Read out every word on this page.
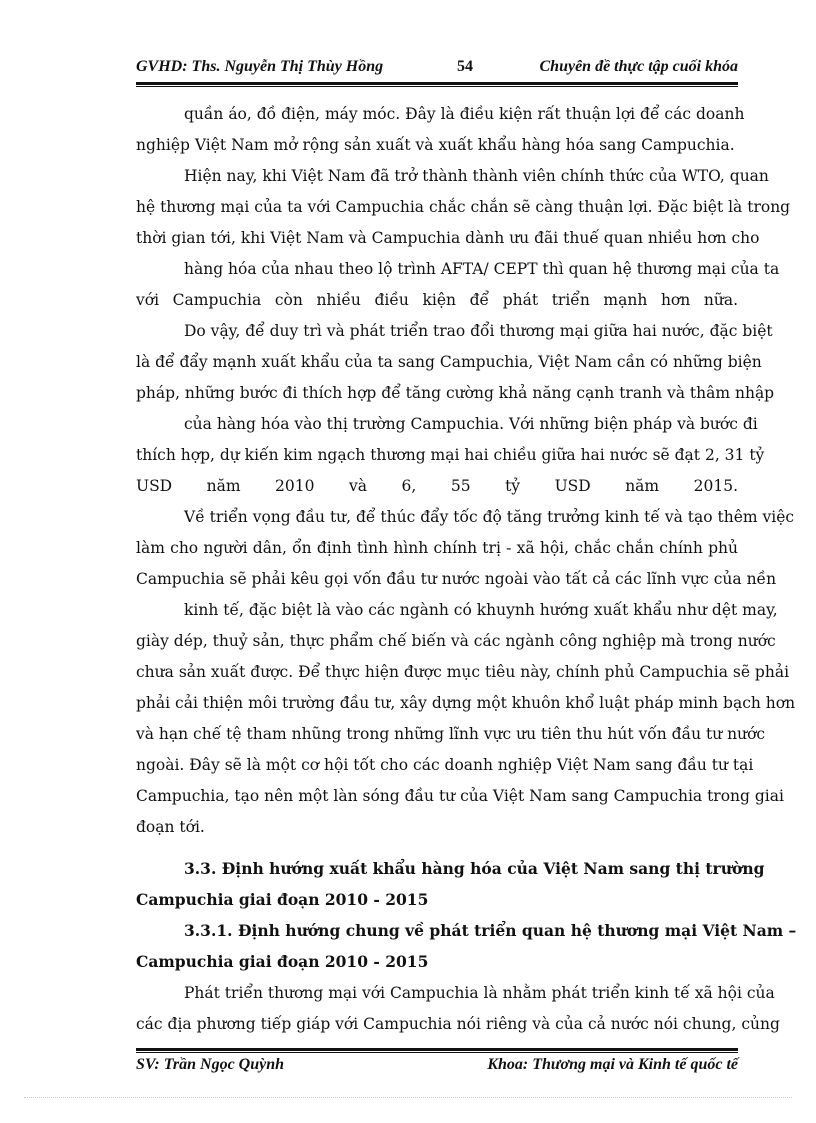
GVHD: Ths. Nguyễn Thị Thùy Hồng	54	Chuyên đề thực tập cuối khóa
quần áo, đồ điện, máy móc. Đây là điều kiện rất thuận lợi để các doanh
nghiệp Việt Nam mở rộng sản xuất và xuất khẩu hàng hóa sang Campuchia.
Hiện nay, khi Việt Nam đã trở thành thành viên chính thức của WTO, quan
hệ thương mại của ta với Campuchia chắc chắn sẽ càng thuận lợi. Đặc biệt là trong
thời gian tới, khi Việt Nam và Campuchia dành ưu đãi thuế quan nhiều hơn cho
hàng hóa của nhau theo lộ trình AFTA/ CEPT thì quan hệ thương mại của ta
với Campuchia còn nhiều điều kiện để phát triển mạnh hơn nữa.
Do vậy, để duy trì và phát triển trao đổi thương mại giữa hai nước, đặc biệt
là để đẩy mạnh xuất khẩu của ta sang Campuchia, Việt Nam cần có những biện
pháp, những bước đi thích hợp để tăng cường khả năng cạnh tranh và thâm nhập
của hàng hóa vào thị trường Campuchia. Với những biện pháp và bước đi
thích hợp, dự kiến kim ngạch thương mại hai chiều giữa hai nước sẽ đạt 2, 31 tỷ
USD năm 2010 và 6, 55 tỷ USD năm 2015.
Về triển vọng đầu tư, để thúc đẩy tốc độ tăng trưởng kinh tế và tạo thêm việc
làm cho người dân, ổn định tình hình chính trị - xã hội, chắc chắn chính phủ
Campuchia sẽ phải kêu gọi vốn đầu tư nước ngoài vào tất cả các lĩnh vực của nền
kinh tế, đặc biệt là vào các ngành có khuynh hướng xuất khẩu như dệt may,
giày dép, thuỷ sản, thực phẩm chế biến và các ngành công nghiệp mà trong nước
chưa sản xuất được. Để thực hiện được mục tiêu này, chính phủ Campuchia sẽ phải
phải cải thiện môi trường đầu tư, xây dựng một khuôn khổ luật pháp minh bạch hơn
và hạn chế tệ tham nhũng trong những lĩnh vực ưu tiên thu hút vốn đầu tư nước
ngoài. Đây sẽ là một cơ hội tốt cho các doanh nghiệp Việt Nam sang đầu tư tại
Campuchia, tạo nên một làn sóng đầu tư của Việt Nam sang Campuchia trong giai
đoạn tới.
3.3. Định hướng xuất khẩu hàng hóa của Việt Nam sang thị trường
Campuchia giai đoạn 2010 - 2015
3.3.1. Định hướng chung về phát triển quan hệ thương mại Việt Nam –
Campuchia giai đoạn 2010 - 2015
Phát triển thương mại với Campuchia là nhằm phát triển kinh tế xã hội của
các địa phương tiếp giáp với Campuchia nói riêng và của cả nước nói chung, củng
SV: Trần Ngọc Quỳnh	Khoa: Thương mại và Kinh tế quốc tế
